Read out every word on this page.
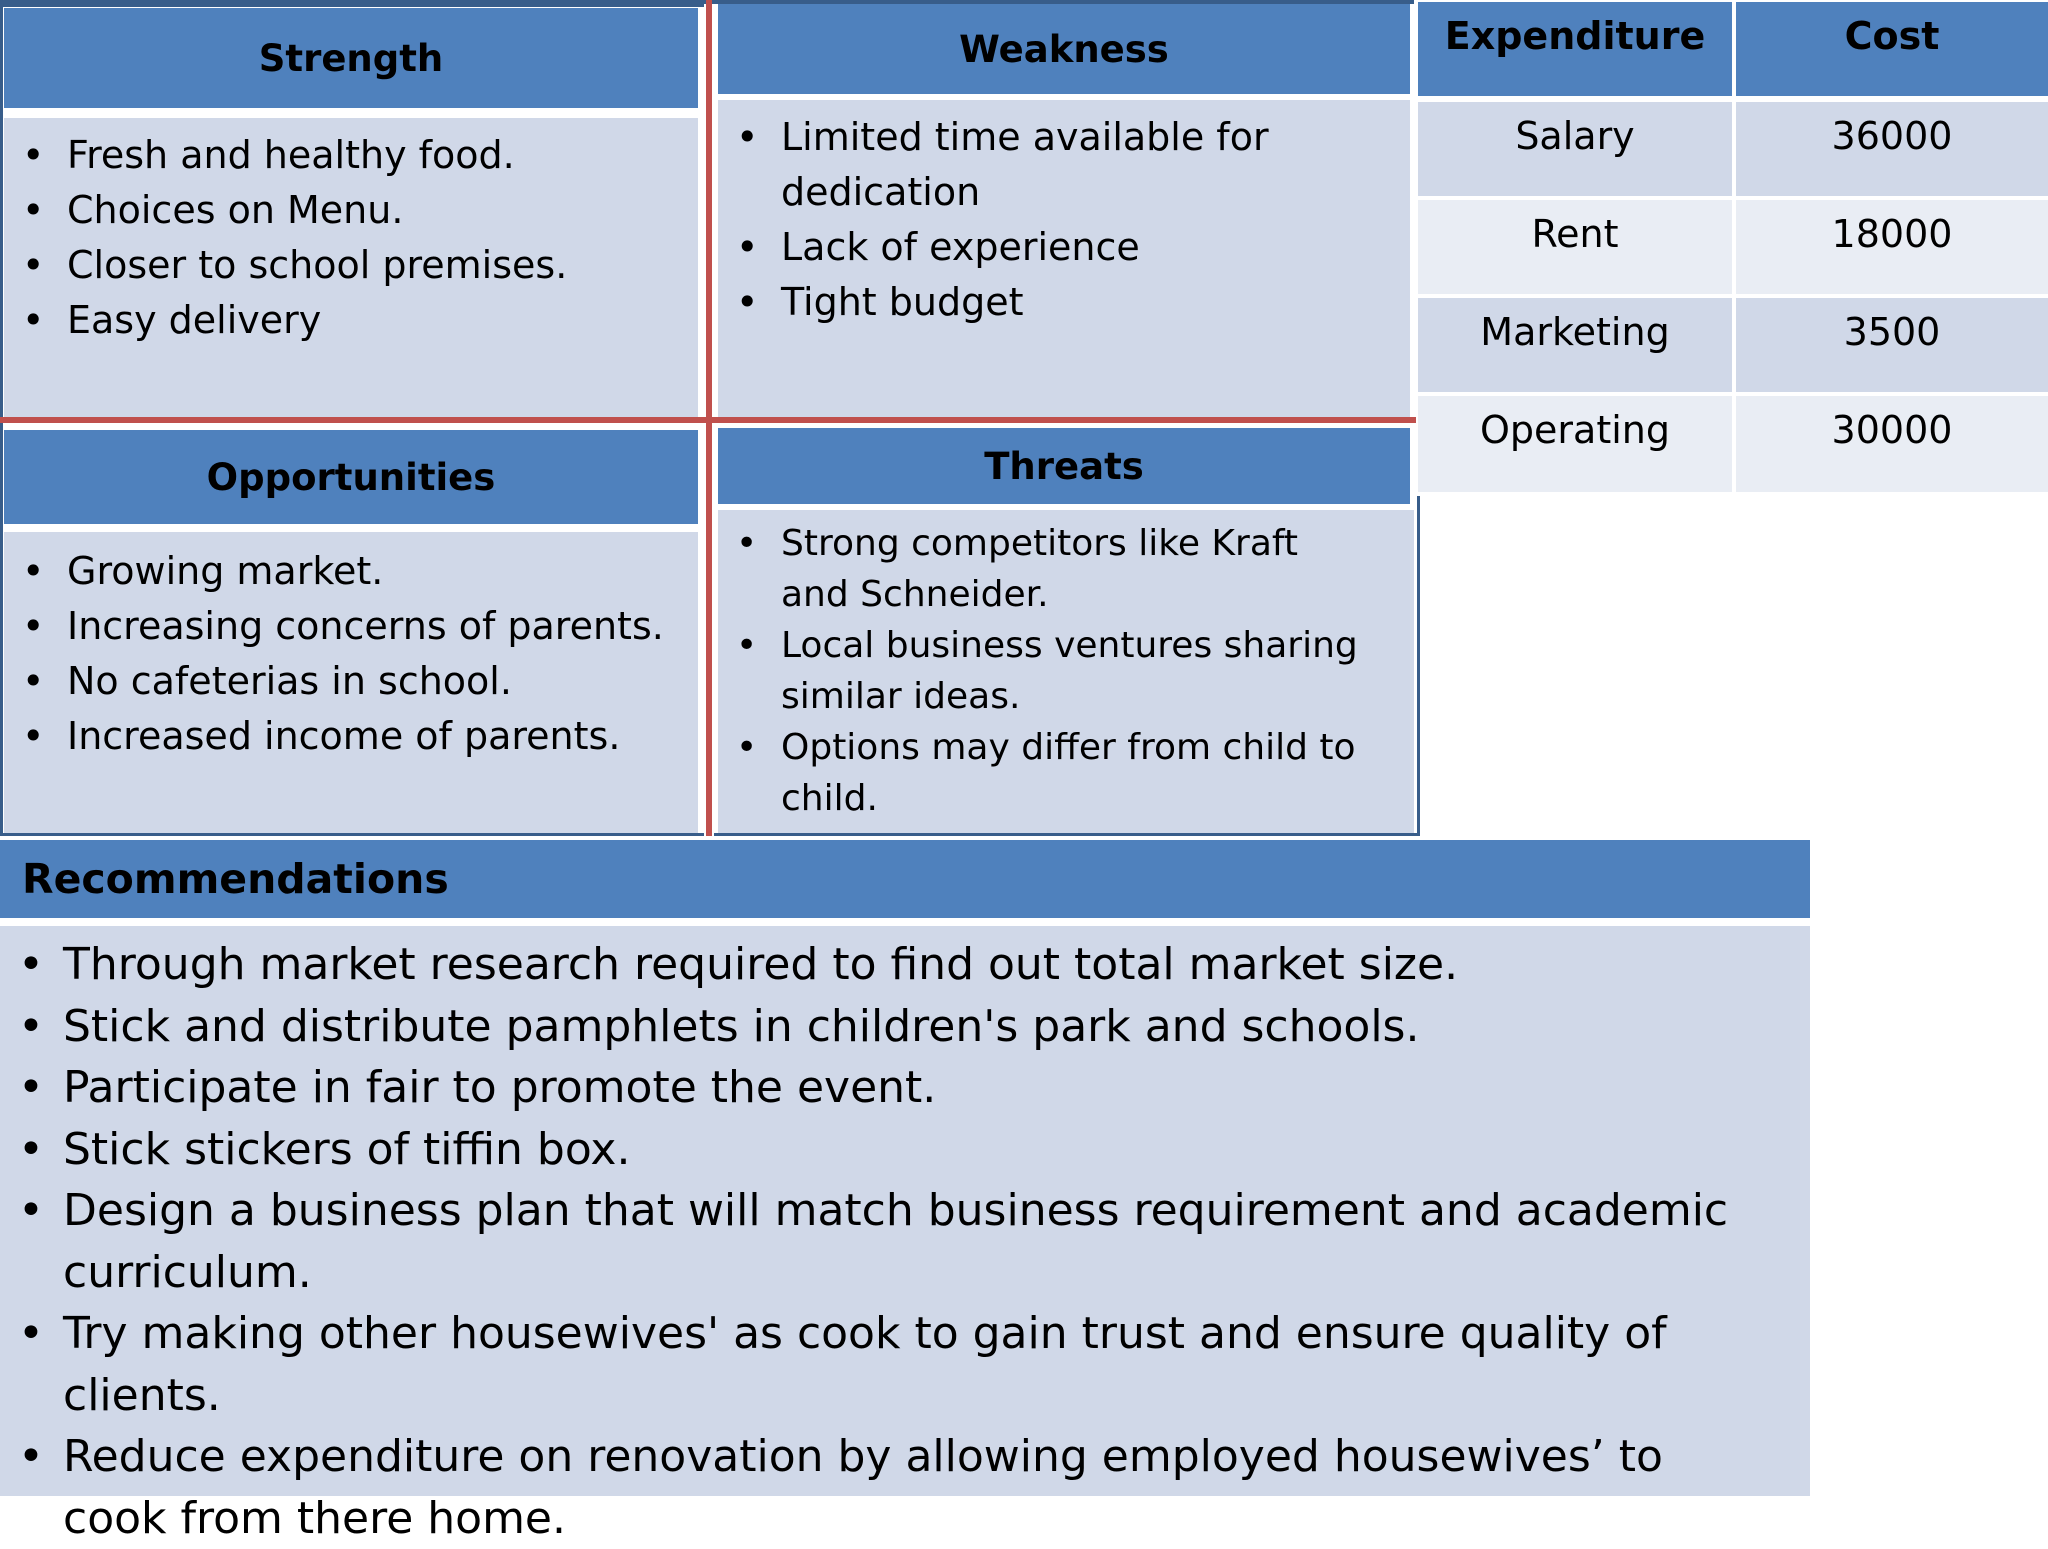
Strength
• Fresh and healthy food.
• Choices on Menu.
• Closer to school premises.
• Easy delivery
Weakness
• Limited time available for dedication
• Lack of experience
• Tight budget
Opportunities
• Growing market.
• Increasing concerns of parents.
• No cafeterias in school.
• Increased income of parents.
Threats
• Strong competitors like Kraft and Schneider.
• Local business ventures sharing similar ideas.
• Options may differ from child to child.
Expenditure	Cost
Salary	36000
Rent	18000
Marketing	3500
Operating	30000
Recommendations
• Through market research required to find out total market size.
• Stick and distribute pamphlets in children's park and schools.
• Participate in fair to promote the event.
• Stick stickers of tiffin box.
• Design a business plan that will match business requirement and academic curriculum.
• Try making other housewives' as cook to gain trust and ensure quality of clients.
• Reduce expenditure on renovation by allowing employed housewives’ to cook from there home.
